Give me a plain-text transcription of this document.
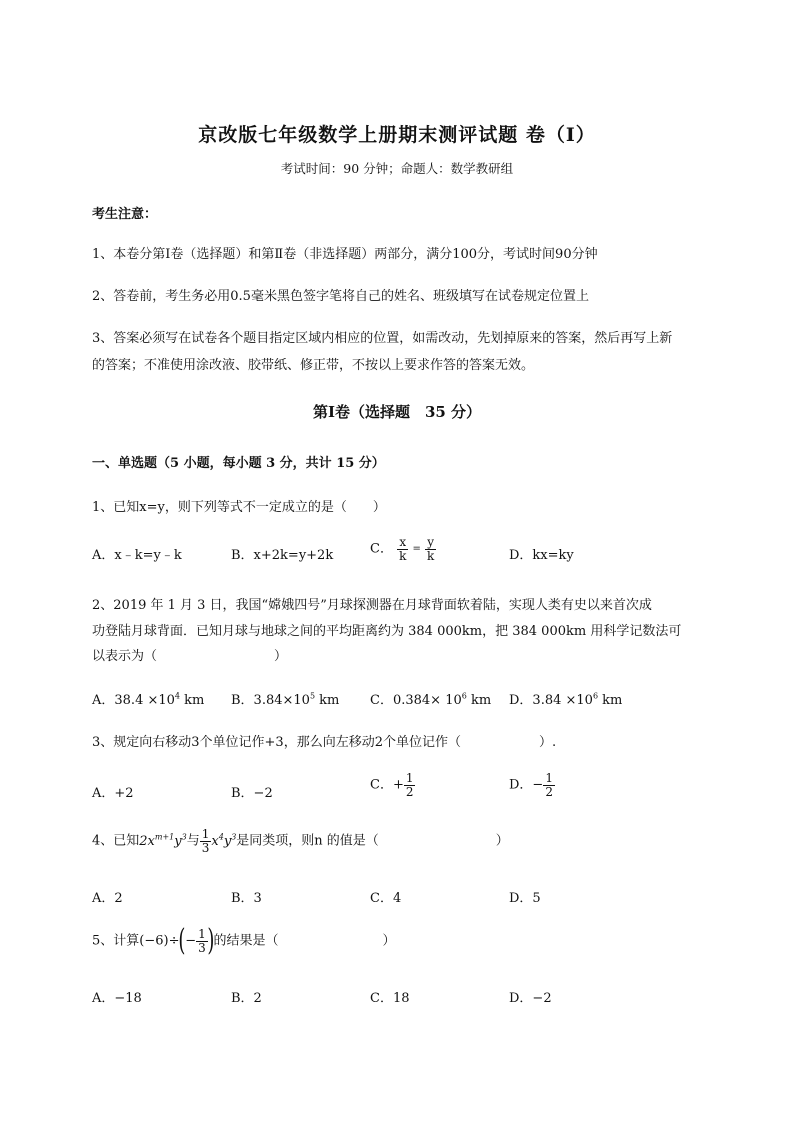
京改版七年级数学上册期末测评试题 卷（Ⅰ）
考试时间：90 分钟；命题人：数学教研组
考生注意：
1、本卷分第Ⅰ卷（选择题）和第Ⅱ卷（非选择题）两部分，满分100分，考试时间90分钟
2、答卷前，考生务必用0.5毫米黑色签字笔将自己的姓名、班级填写在试卷规定位置上
3、答案必须写在试卷各个题目指定区域内相应的位置，如需改动，先划掉原来的答案，然后再写上新
的答案；不准使用涂改液、胶带纸、修正带，不按以上要求作答的答案无效。
第Ⅰ卷（选择题　35 分）
一、单选题（5 小题，每小题 3 分，共计 15 分）
1、已知x=y，则下列等式不一定成立的是（　　）
A．x﹣k=y﹣k	B．x+2k=y+2k	C． $\frac{x}{k} = \frac{y}{k}$	D．kx=ky
2、2019 年 1 月 3 日，我国“嫦娥四号”月球探测器在月球背面软着陆，实现人类有史以来首次成
功登陆月球背面．已知月球与地球之间的平均距离约为 384 000km，把 384 000km 用科学记数法可
以表示为（　　　　　　　　　）
A．$38.4 \times 10^4$ km B．$3.84\times 10^5$ km C．$0.384\times 10^6$ km D．$3.84 \times 10^6$ km
3、规定向右移动3个单位记作+3，那么向左移动2个单位记作（　　　　　　）.
A．+2	B．−2
C．+ $\frac{1}{2}$	D．− $\frac{1}{2}$
4、已知$2x^{m+1}y^3$与 $\frac{1}{3} x^4y^3$是同类项，则n 的值是（　　　　　　　　　）
A．2	B．3	C．4	D．5
5、计算$(-6)\div(- \frac{1}{3}$ )的结果是（　　　　　　　　）
A．−18	B．2	C．18	D．−2
